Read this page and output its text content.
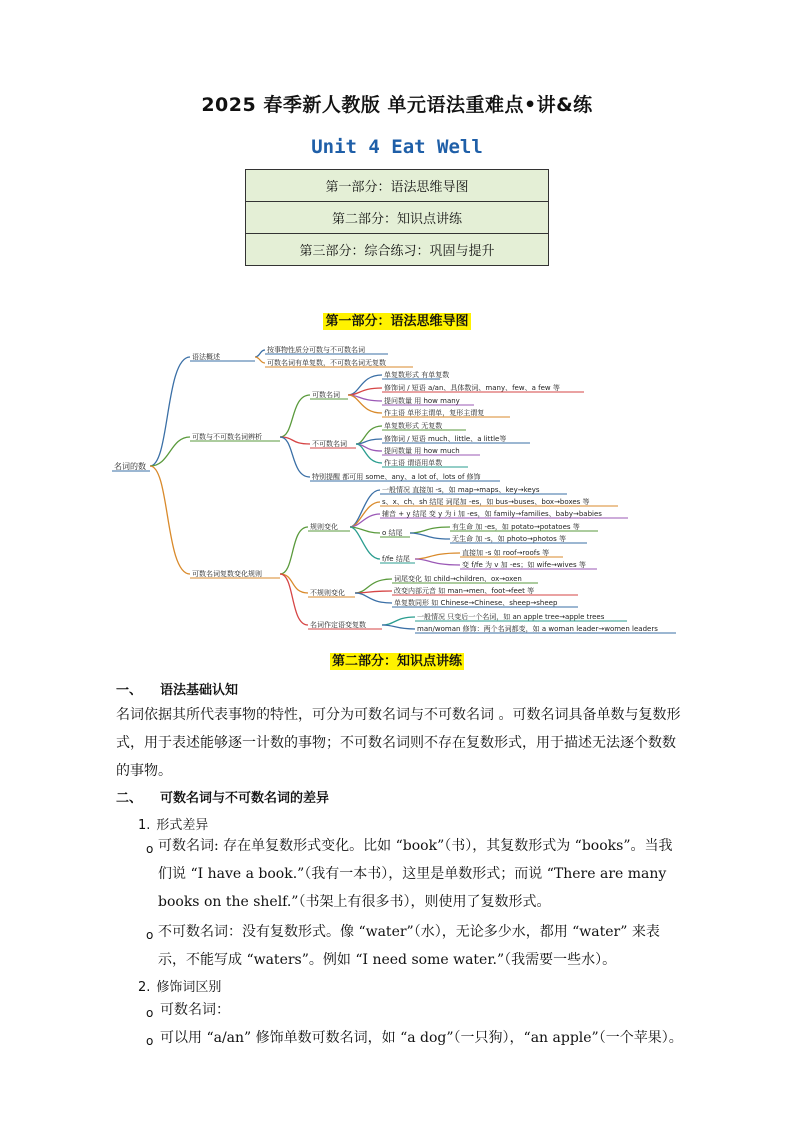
2025 春季新人教版 单元语法重难点•讲&练
Unit 4 Eat Well
第一部分：语法思维导图
第二部分：知识点讲练
第三部分：综合练习：巩固与提升
第一部分：语法思维导图
名词的数
语法概述
按事物性质分可数与不可数名词
可数名词有单复数，不可数名词无复数
可数与不可数名词辨析
可数名词
单复数形式 有单复数
修饰词 / 短语 a/an、具体数词、many、few、a few 等
提问数量 用 how many
作主语 单形主谓单，复形主谓复
不可数名词
单复数形式 无复数
修饰词 / 短语 much、little、a little等
提问数量 用 how much
作主语 谓语用单数
特别提醒 都可用 some、any、a lot of、lots of 修饰
可数名词复数变化规则
规则变化
一般情况 直接加 -s，如 map→maps、key→keys
s、x、ch、sh 结尾 词尾加 -es，如 bus→buses、box→boxes 等
辅音 + y 结尾 变 y 为 i 加 -es，如 family→families、baby→babies
o 结尾
有生命 加 -es，如 potato→potatoes 等
无生命 加 -s，如 photo→photos 等
f/fe 结尾
直接加 -s 如 roof→roofs 等
变 f/fe 为 v 加 -es；如 wife→wives 等
不规则变化
词尾变化 如 child→children、ox→oxen
改变内部元音 如 man→men、foot→feet 等
单复数同形 如 Chinese→Chinese、sheep→sheep
名词作定语变复数
一般情况 只变后一个名词，如 an apple tree→apple trees
man/woman 修饰：两个名词都变，如 a woman leader→women leaders
第二部分：知识点讲练
一、 语法基础认知
名词依据其所代表事物的特性，可分为可数名词与不可数名词 。可数名词具备单数与复数形式，用于表述能够逐一计数的事物；不可数名词则不存在复数形式，用于描述无法逐个数数的事物。
二、 可数名词与不可数名词的差异
1. 形式差异
o 可数名词: 存在单复数形式变化。比如 “book”（书），其复数形式为 “books”。当我们说 “I have a book.”（我有一本书），这里是单数形式；而说 “There are many books on the shelf.”（书架上有很多书），则使用了复数形式。
o 不可数名词：没有复数形式。像 “water”（水），无论多少水，都用 “water” 来表示，不能写成 “waters”。例如 “I need some water.”（我需要一些水）。
2. 修饰词区别
o 可数名词：
o 可以用 “a/an” 修饰单数可数名词，如 “a dog”（一只狗），“an apple”（一个苹果）。
